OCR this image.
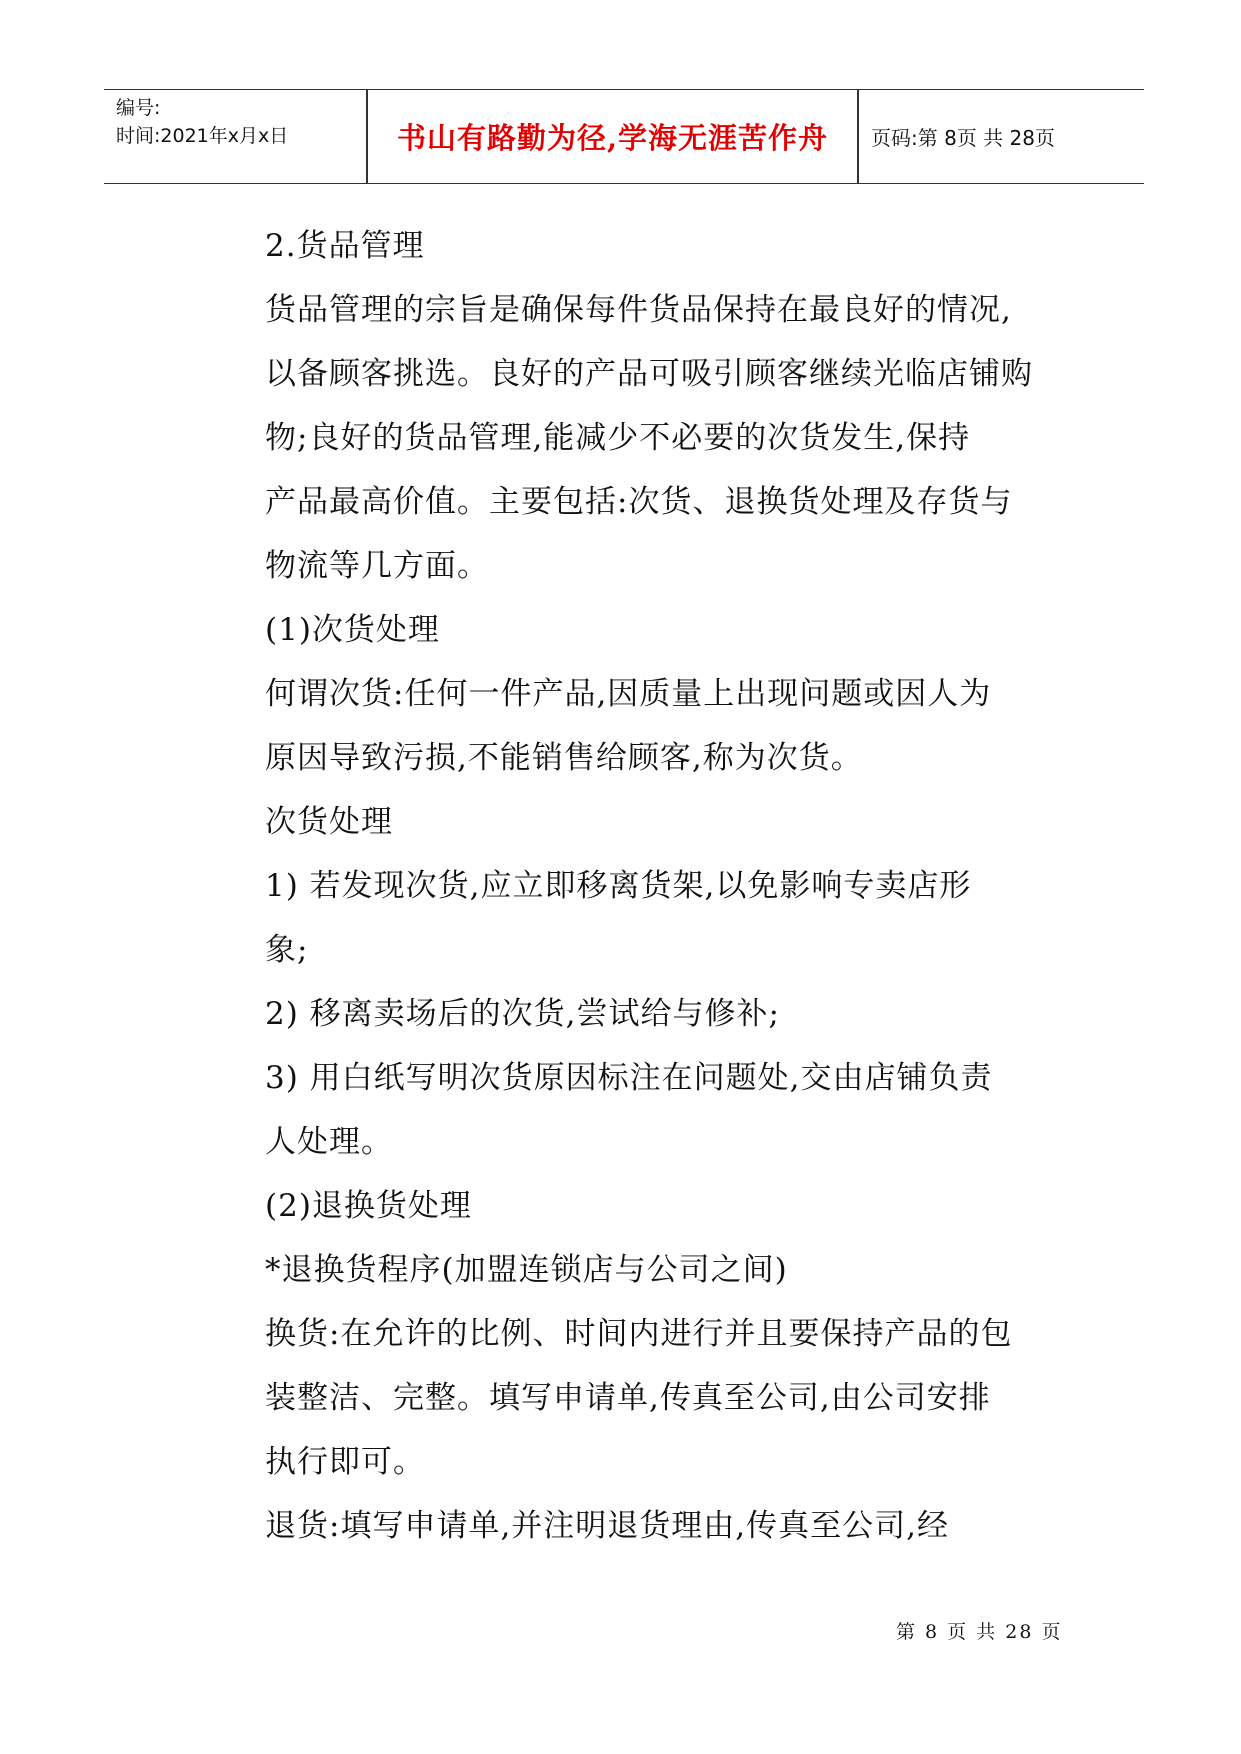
编号:
时间:2021年x月x日	书山有路勤为径,学海无涯苦作舟	页码:第 8页 共 28页

2.货品管理

货品管理的宗旨是确保每件货品保持在最良好的情况,

以备顾客挑选。良好的产品可吸引顾客继续光临店铺购

物;良好的货品管理,能减少不必要的次货发生,保持

产品最高价值。主要包括:次货、退换货处理及存货与

物流等几方面。

(1)次货处理

何谓次货:任何一件产品,因质量上出现问题或因人为

原因导致污损,不能销售给顾客,称为次货。

次货处理

1) 若发现次货,应立即移离货架,以免影响专卖店形

象;

2) 移离卖场后的次货,尝试给与修补;

3) 用白纸写明次货原因标注在问题处,交由店铺负责

人处理。

(2)退换货处理

*退换货程序(加盟连锁店与公司之间)

换货:在允许的比例、时间内进行并且要保持产品的包

装整洁、完整。填写申请单,传真至公司,由公司安排

执行即可。

退货:填写申请单,并注明退货理由,传真至公司,经

第 8 页 共 28 页
